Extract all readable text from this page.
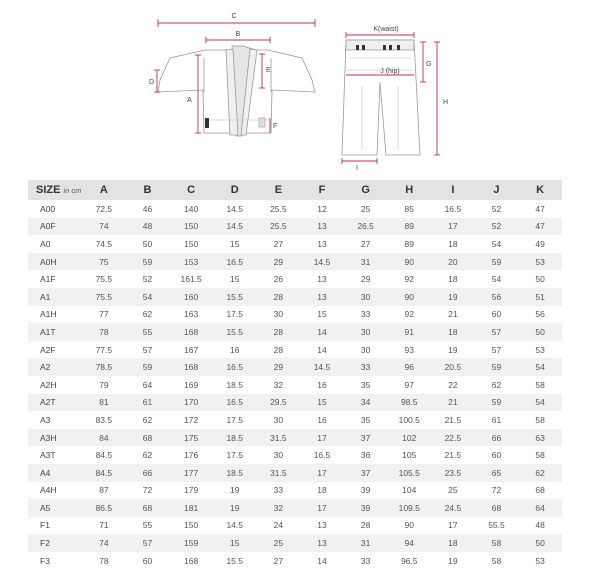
C
B
D
E
A
F
K(waist)
J (hip)
G
H
I
SIZE in cm	A	B	C	D	E	F	G	H	I	J	K
A00	72.5	46	140	14.5	25.5	12	25	85	16.5	52	47
A0F	74	48	150	14.5	25.5	13	26.5	89	17	52	47
A0	74.5	50	150	15	27	13	27	89	18	54	49
A0H	75	59	153	16.5	29	14.5	31	90	20	59	53
A1F	75.5	52	161.5	15	26	13	29	92	18	54	50
A1	75.5	54	160	15.5	28	13	30	90	19	56	51
A1H	77	62	163	17.5	30	15	33	92	21	60	56
A1T	78	55	168	15.5	28	14	30	91	18	57	50
A2F	77.5	57	167	16	28	14	30	93	19	57	53
A2	78.5	59	168	16.5	29	14.5	33	96	20.5	59	54
A2H	79	64	169	18.5	32	16	35	97	22	62	58
A2T	81	61	170	16.5	29.5	15	34	98.5	21	59	54
A3	83.5	62	172	17.5	30	16	35	100.5	21.5	61	58
A3H	84	68	175	18.5	31.5	17	37	102	22.5	66	63
A3T	84.5	62	176	17.5	30	16.5	36	105	21.5	60	58
A4	84.5	66	177	18.5	31.5	17	37	105.5	23.5	65	62
A4H	87	72	179	19	33	18	39	104	25	72	68
A5	86.5	68	181	19	32	17	39	109.5	24.5	68	64
F1	71	55	150	14.5	24	13	28	90	17	55.5	48
F2	74	57	159	15	25	13	31	94	18	58	50
F3	78	60	168	15.5	27	14	33	96.5	19	58	53
